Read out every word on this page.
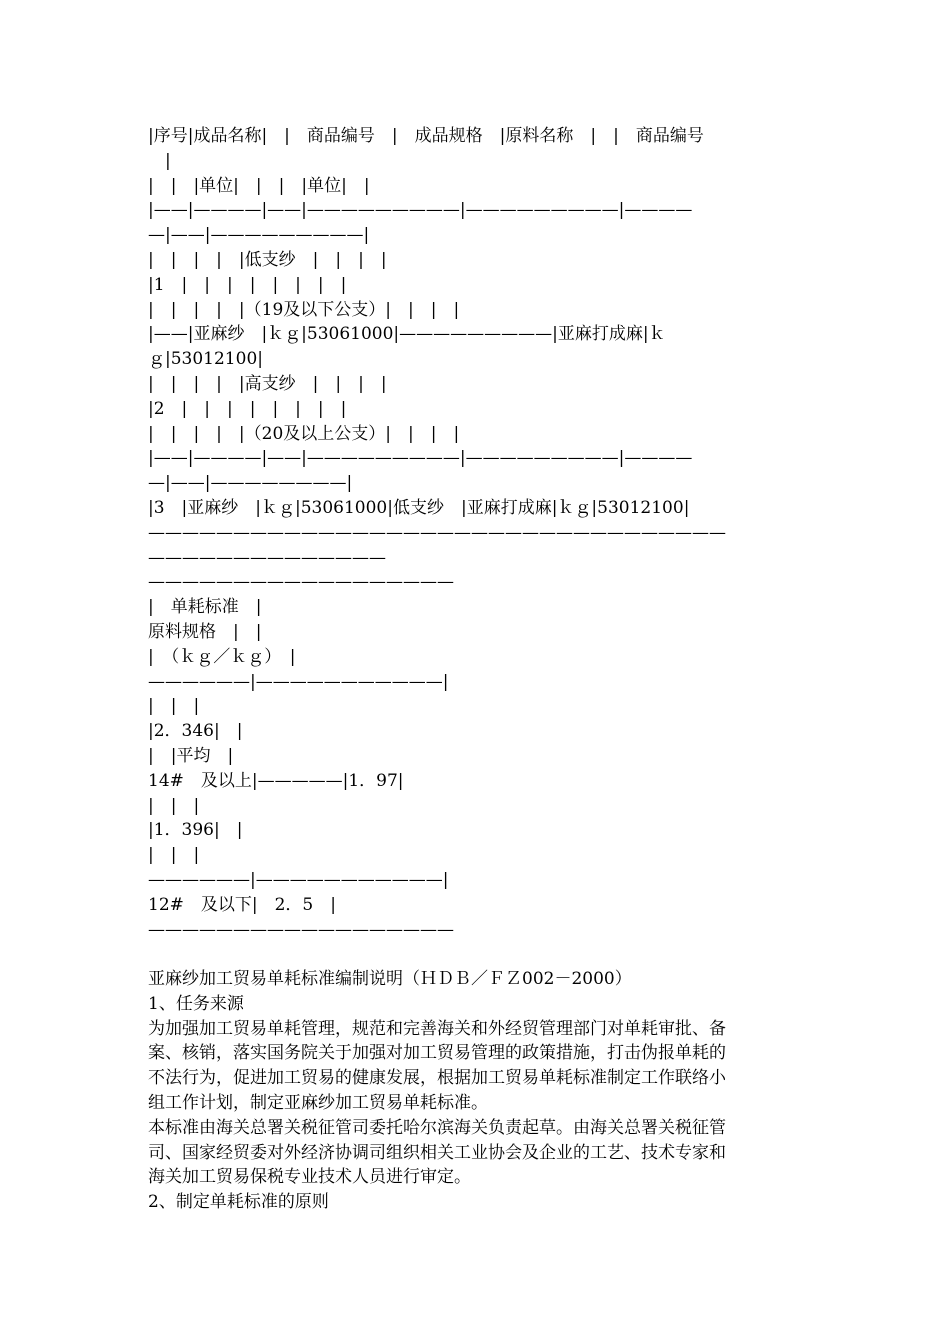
|序号|成品名称|　|　商品编号　|　成品规格　|原料名称　|　|　商品编号
　|
|　|　|单位|　|　|　|单位|　|
|——|————|——|—————————|—————————|————
—|——|—————————|
|　|　|　|　|低支纱　|　|　|　|
|1　|　|　|　|　|　|　|　|
|　|　|　|　|（19及以下公支）|　|　|　|
|——|亚麻纱　|ｋｇ|53061000|—————————|亚麻打成麻|ｋ
ｇ|53012100|
|　|　|　|　|高支纱　|　|　|　|
|2　|　|　|　|　|　|　|　|
|　|　|　|　|（20及以上公支）|　|　|　|
|——|————|——|—————————|—————————|————
—|——|————————|
|3　|亚麻纱　|ｋｇ|53061000|低支纱　|亚麻打成麻|ｋｇ|53012100|
——————————————————————————————————
——————————————
——————————————————
|　单耗标准　|
原料规格　|　|
|　（ｋｇ／ｋｇ）　|
——————|———————————|
|　|　|
|2．346|　|
|　|平均　|
14#　及以上|—————|1．97|
|　|　|
|1．396|　|
|　|　|
——————|———————————|
12#　及以下|　2．5　|
——————————————————
亚麻纱加工贸易单耗标准编制说明（ＨＤＢ／ＦＺ002－2000）
1、任务来源
为加强加工贸易单耗管理，规范和完善海关和外经贸管理部门对单耗审批、备
案、核销，落实国务院关于加强对加工贸易管理的政策措施，打击伪报单耗的
不法行为，促进加工贸易的健康发展，根据加工贸易单耗标准制定工作联络小
组工作计划，制定亚麻纱加工贸易单耗标准。
本标准由海关总署关税征管司委托哈尔滨海关负责起草。由海关总署关税征管
司、国家经贸委对外经济协调司组织相关工业协会及企业的工艺、技术专家和
海关加工贸易保税专业技术人员进行审定。
2、制定单耗标准的原则
